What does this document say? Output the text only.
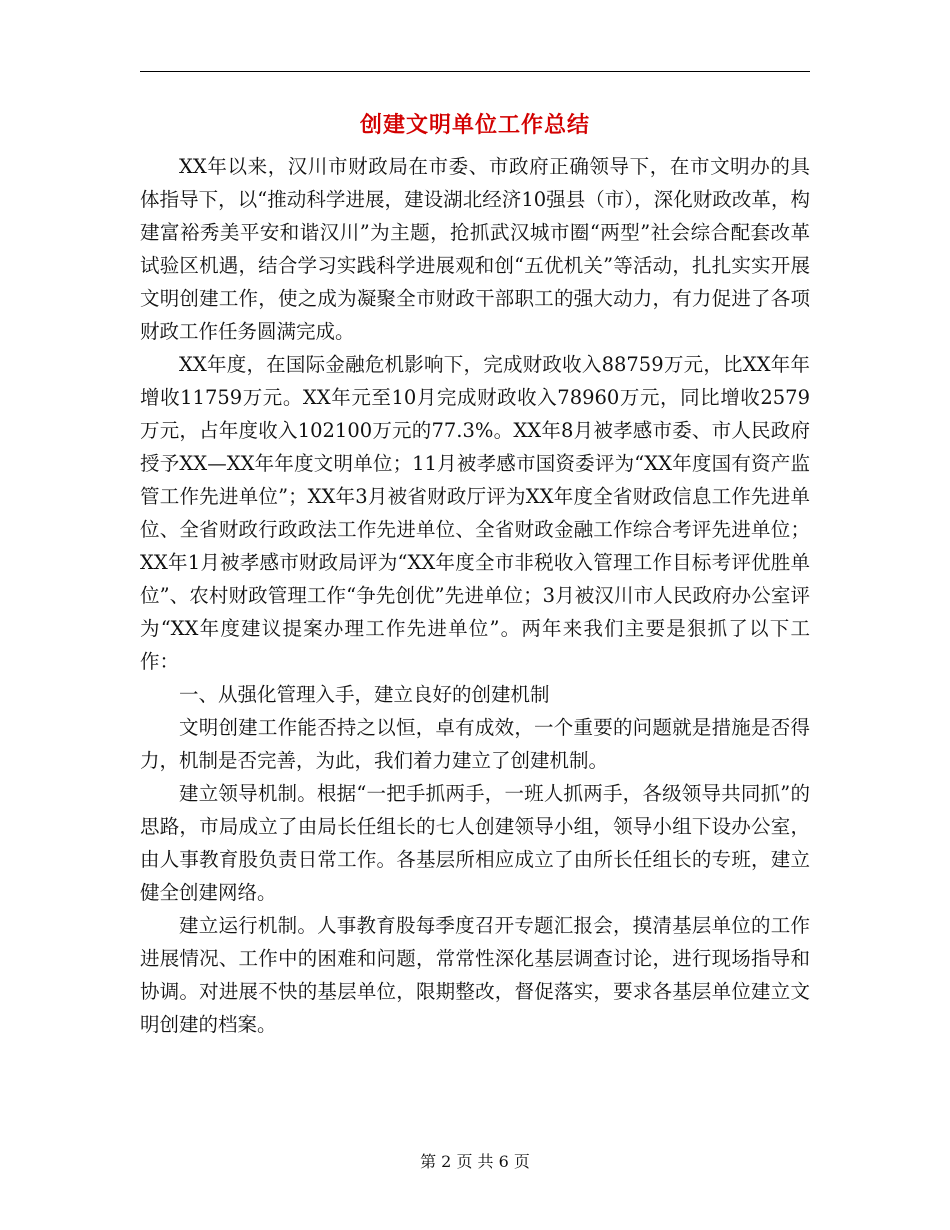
创建文明单位工作总结

XX年以来，汉川市财政局在市委、市政府正确领导下，在市文明办的具体指导下，以“推动科学进展，建设湖北经济10强县（市），深化财政改革，构建富裕秀美平安和谐汉川”为主题，抢抓武汉城市圈“两型”社会综合配套改革试验区机遇，结合学习实践科学进展观和创“五优机关”等活动，扎扎实实开展文明创建工作，使之成为凝聚全市财政干部职工的强大动力，有力促进了各项财政工作任务圆满完成。

XX年度，在国际金融危机影响下，完成财政收入88759万元，比XX年年增收11759万元。XX年元至10月完成财政收入78960万元，同比增收2579万元，占年度收入102100万元的77.3%。XX年8月被孝感市委、市人民政府授予XX—XX年年度文明单位；11月被孝感市国资委评为“XX年度国有资产监管工作先进单位”；XX年3月被省财政厅评为XX年度全省财政信息工作先进单位、全省财政行政政法工作先进单位、全省财政金融工作综合考评先进单位；XX年1月被孝感市财政局评为“XX年度全市非税收入管理工作目标考评优胜单位”、农村财政管理工作“争先创优”先进单位；3月被汉川市人民政府办公室评为“XX年度建议提案办理工作先进单位”。两年来我们主要是狠抓了以下工作：

一、从强化管理入手，建立良好的创建机制

文明创建工作能否持之以恒，卓有成效，一个重要的问题就是措施是否得力，机制是否完善，为此，我们着力建立了创建机制。

建立领导机制。根据“一把手抓两手，一班人抓两手，各级领导共同抓”的思路，市局成立了由局长任组长的七人创建领导小组，领导小组下设办公室，由人事教育股负责日常工作。各基层所相应成立了由所长任组长的专班，建立健全创建网络。

建立运行机制。人事教育股每季度召开专题汇报会，摸清基层单位的工作进展情况、工作中的困难和问题，常常性深化基层调查讨论，进行现场指导和协调。对进展不快的基层单位，限期整改，督促落实，要求各基层单位建立文明创建的档案。

第 2 页 共 6 页
